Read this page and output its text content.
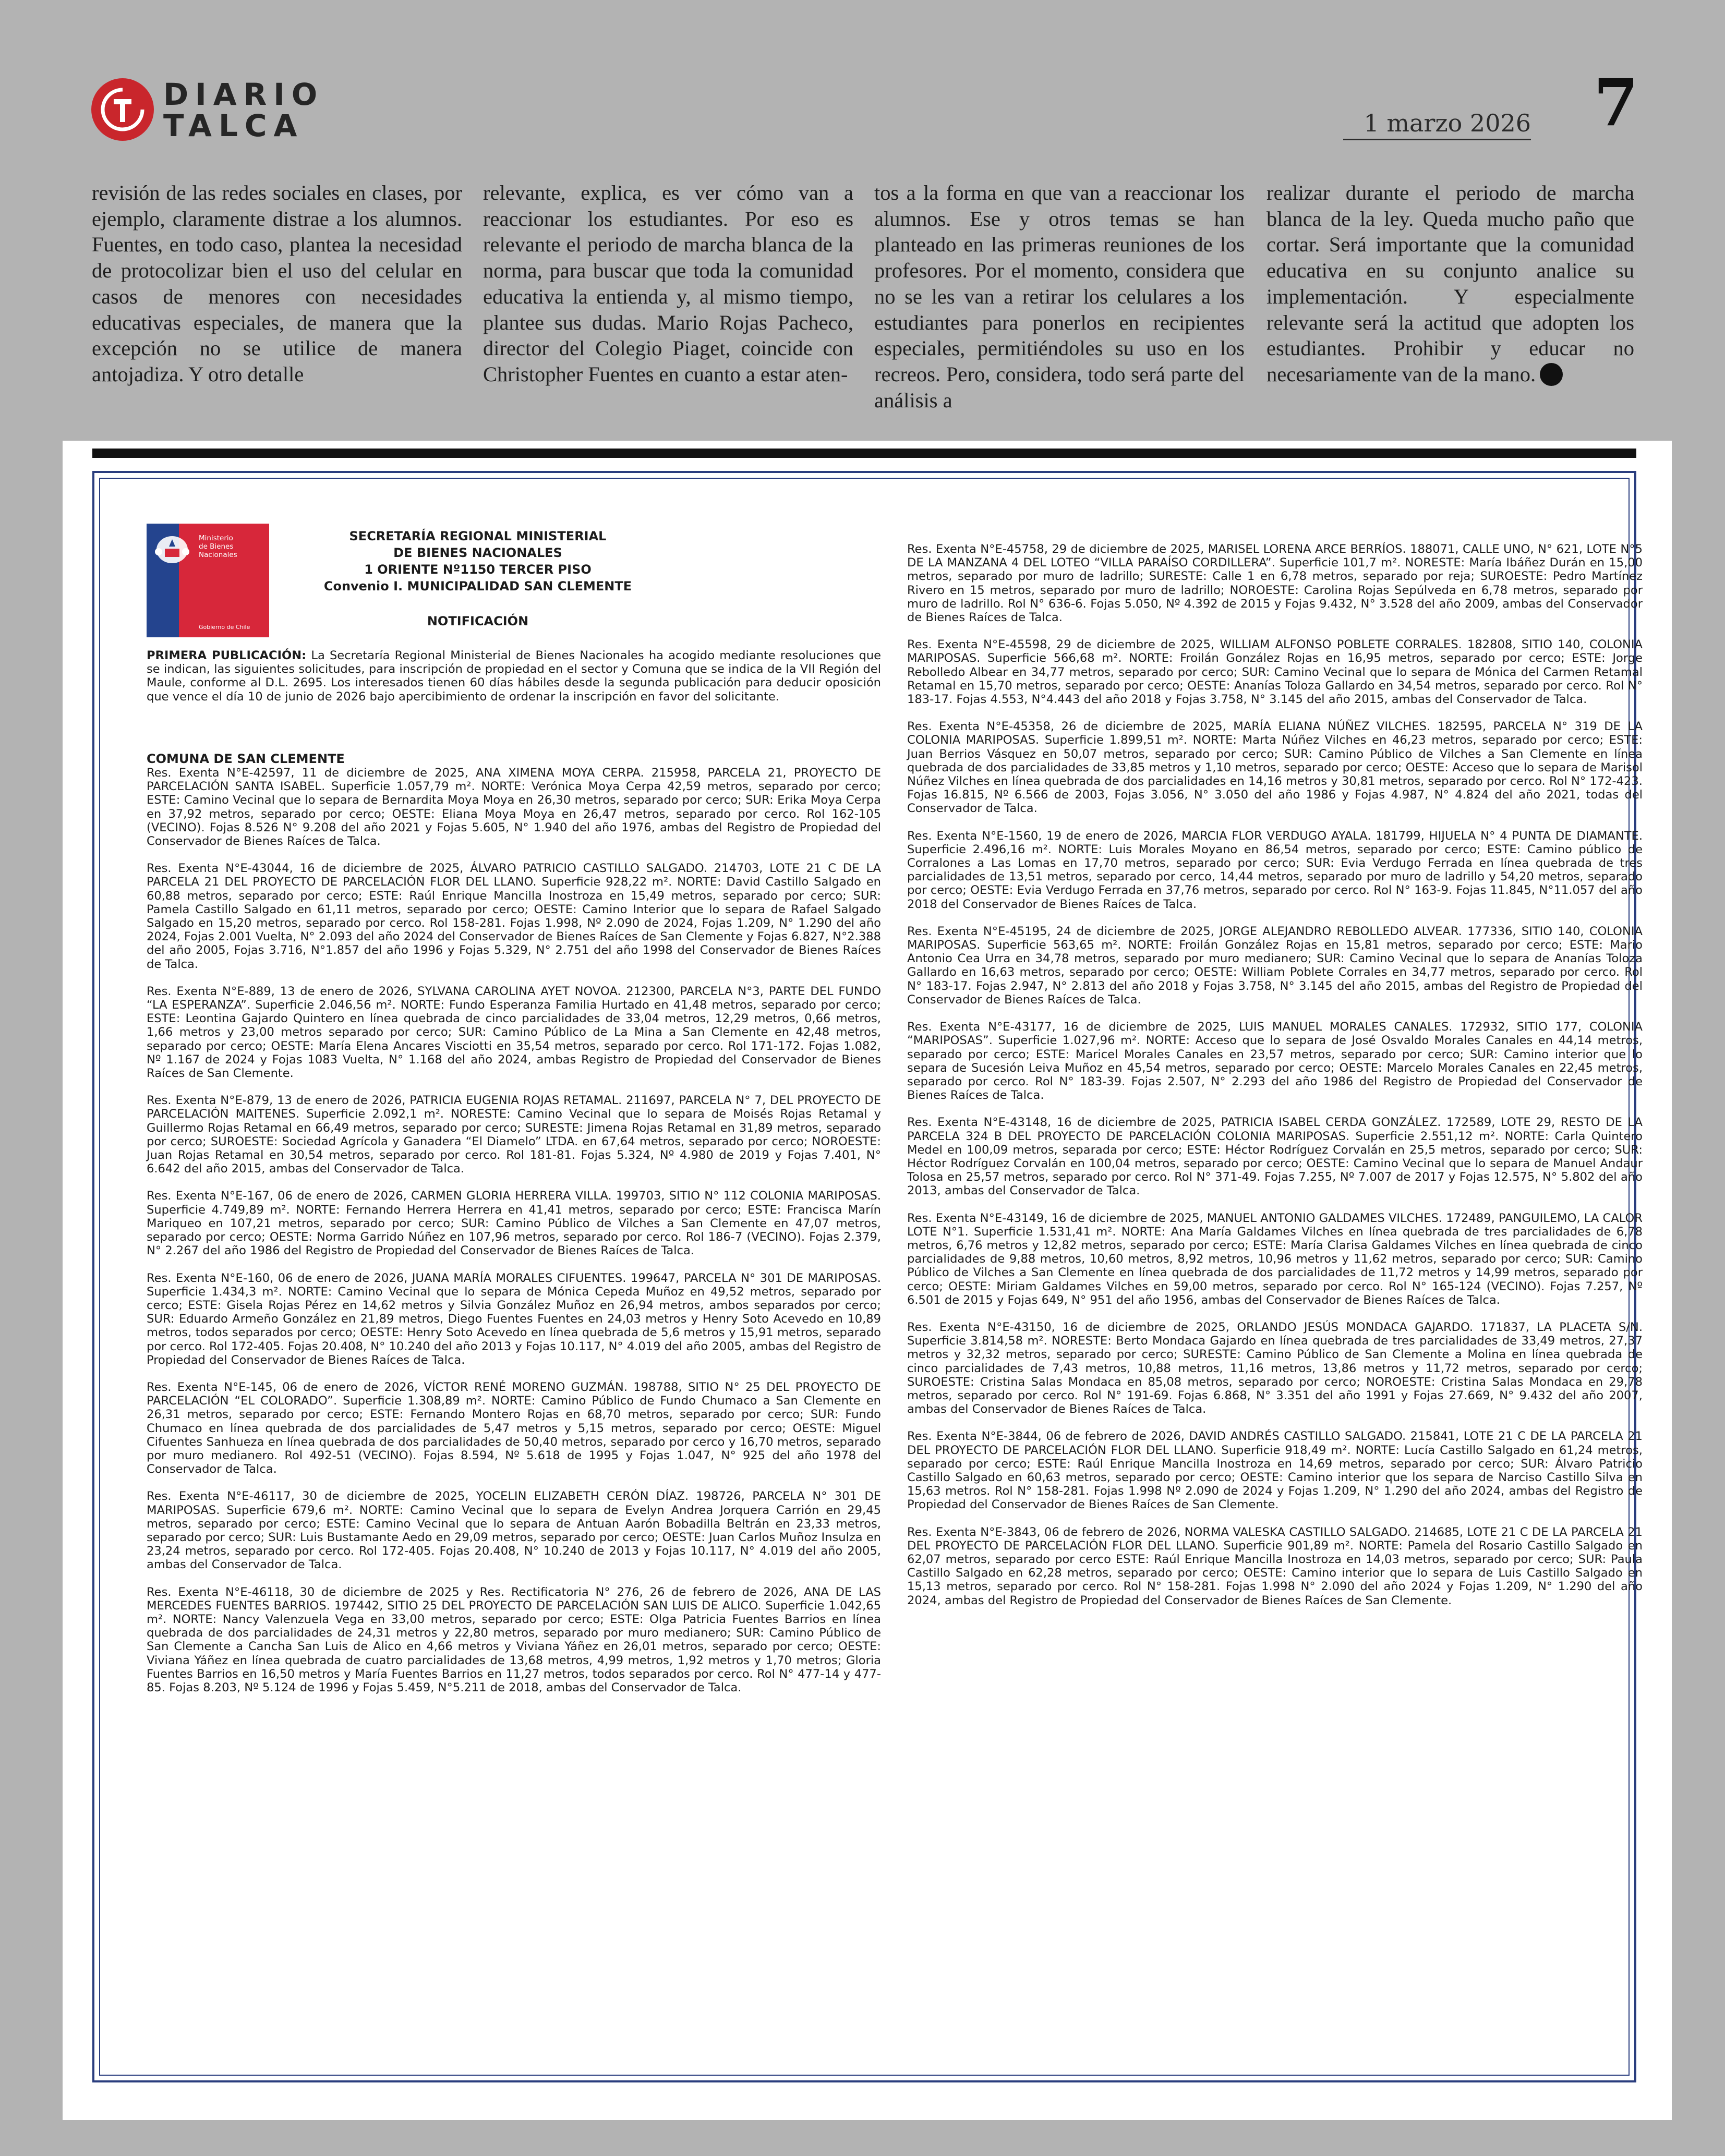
DIARIO
TALCA	1 marzo 2026 7

revisión de las redes sociales en clases, por ejemplo, claramente distrae a los alumnos. Fuentes, en todo caso, plantea la necesidad de protocolizar bien el uso del celular en casos de menores con necesidades educativas especiales, de manera que la excepción no se utilice de manera antojadiza. Y otro detalle

relevante, explica, es ver cómo van a reaccionar los estudiantes. Por eso es relevante el periodo de marcha blanca de la norma, para buscar que toda la comunidad educativa la entienda y, al mismo tiempo, plantee sus dudas. Mario Rojas Pacheco, director del Colegio Piaget, coincide con Christopher Fuentes en cuanto a estar aten-

tos a la forma en que van a reaccionar los alumnos. Ese y otros temas se han planteado en las primeras reuniones de los profesores. Por el momento, considera que no se les van a retirar los celulares a los estudiantes para ponerlos en recipientes especiales, permitiéndoles su uso en los recreos. Pero, considera, todo será parte del análisis a

realizar durante el periodo de marcha blanca de la ley. Queda mucho paño que cortar. Será importante que la comunidad educativa en su conjunto analice su implementación. Y especialmente relevante será la actitud que adopten los estudiantes. Prohibir y educar no necesariamente van de la mano.

Ministerio de Bienes Nacionales
Gobierno de Chile
SECRETARÍA REGIONAL MINISTERIAL
DE BIENES NACIONALES
1 ORIENTE Nº1150 TERCER PISO
Convenio I. MUNICIPALIDAD SAN CLEMENTE
NOTIFICACIÓN
PRIMERA PUBLICACIÓN: La Secretaría Regional Ministerial de Bienes Nacionales ha acogido mediante resoluciones que se indican, las siguientes solicitudes, para inscripción de propiedad en el sector y Comuna que se indica de la VII Región del Maule, conforme al D.L. 2695. Los interesados tienen 60 días hábiles desde la segunda publicación para deducir oposición que vence el día 10 de junio de 2026 bajo apercibimiento de ordenar la inscripción en favor del solicitante.
COMUNA DE SAN CLEMENTE

Res. Exenta N°E-42597, 11 de diciembre de 2025, ANA XIMENA MOYA CERPA. 215958, PARCELA 21, PROYECTO DE PARCELACIÓN SANTA ISABEL. Superficie 1.057,79 m². NORTE: Verónica Moya Cerpa 42,59 metros, separado por cerco; ESTE: Camino Vecinal que lo separa de Bernardita Moya Moya en 26,30 metros, separado por cerco; SUR: Erika Moya Cerpa en 37,92 metros, separado por cerco; OESTE: Eliana Moya Moya en 26,47 metros, separado por cerco. Rol 162-105 (VECINO). Fojas 8.526 N° 9.208 del año 2021 y Fojas 5.605, N° 1.940 del año 1976, ambas del Registro de Propiedad del Conservador de Bienes Raíces de Talca.

Res. Exenta N°E-43044, 16 de diciembre de 2025, ÁLVARO PATRICIO CASTILLO SALGADO. 214703, LOTE 21 C DE LA PARCELA 21 DEL PROYECTO DE PARCELACIÓN FLOR DEL LLANO. Superficie 928,22 m². NORTE: David Castillo Salgado en 60,88 metros, separado por cerco; ESTE: Raúl Enrique Mancilla Inostroza en 15,49 metros, separado por cerco; SUR: Pamela Castillo Salgado en 61,11 metros, separado por cerco; OESTE: Camino Interior que lo separa de Rafael Salgado Salgado en 15,20 metros, separado por cerco. Rol 158-281. Fojas 1.998, Nº 2.090 de 2024, Fojas 1.209, N° 1.290 del año 2024, Fojas 2.001 Vuelta, N° 2.093 del año 2024 del Conservador de Bienes Raíces de San Clemente y Fojas 6.827, N°2.388 del año 2005, Fojas 3.716, N°1.857 del año 1996 y Fojas 5.329, N° 2.751 del año 1998 del Conservador de Bienes Raíces de Talca.

Res. Exenta N°E-889, 13 de enero de 2026, SYLVANA CAROLINA AYET NOVOA. 212300, PARCELA N°3, PARTE DEL FUNDO “LA ESPERANZA”. Superficie 2.046,56 m². NORTE: Fundo Esperanza Familia Hurtado en 41,48 metros, separado por cerco; ESTE: Leontina Gajardo Quintero en línea quebrada de cinco parcialidades de 33,04 metros, 12,29 metros, 0,66 metros, 1,66 metros y 23,00 metros separado por cerco; SUR: Camino Público de La Mina a San Clemente en 42,48 metros, separado por cerco; OESTE: María Elena Ancares Visciotti en 35,54 metros, separado por cerco. Rol 171-172. Fojas 1.082, Nº 1.167 de 2024 y Fojas 1083 Vuelta, N° 1.168 del año 2024, ambas Registro de Propiedad del Conservador de Bienes Raíces de San Clemente.

Res. Exenta N°E-879, 13 de enero de 2026, PATRICIA EUGENIA ROJAS RETAMAL. 211697, PARCELA N° 7, DEL PROYECTO DE PARCELACIÓN MAITENES. Superficie 2.092,1 m². NORESTE: Camino Vecinal que lo separa de Moisés Rojas Retamal y Guillermo Rojas Retamal en 66,49 metros, separado por cerco; SURESTE: Jimena Rojas Retamal en 31,89 metros, separado por cerco; SUROESTE: Sociedad Agrícola y Ganadera “El Diamelo” LTDA. en 67,64 metros, separado por cerco; NOROESTE: Juan Rojas Retamal en 30,54 metros, separado por cerco. Rol 181-81. Fojas 5.324, Nº 4.980 de 2019 y Fojas 7.401, N° 6.642 del año 2015, ambas del Conservador de Talca.

Res. Exenta N°E-167, 06 de enero de 2026, CARMEN GLORIA HERRERA VILLA. 199703, SITIO N° 112 COLONIA MARIPOSAS. Superficie 4.749,89 m². NORTE: Fernando Herrera Herrera en 41,41 metros, separado por cerco; ESTE: Francisca Marín Mariqueo en 107,21 metros, separado por cerco; SUR: Camino Público de Vilches a San Clemente en 47,07 metros, separado por cerco; OESTE: Norma Garrido Núñez en 107,96 metros, separado por cerco. Rol 186-7 (VECINO). Fojas 2.379, N° 2.267 del año 1986 del Registro de Propiedad del Conservador de Bienes Raíces de Talca.

Res. Exenta N°E-160, 06 de enero de 2026, JUANA MARÍA MORALES CIFUENTES. 199647, PARCELA N° 301 DE MARIPOSAS. Superficie 1.434,3 m². NORTE: Camino Vecinal que lo separa de Mónica Cepeda Muñoz en 49,52 metros, separado por cerco; ESTE: Gisela Rojas Pérez en 14,62 metros y Silvia González Muñoz en 26,94 metros, ambos separados por cerco; SUR: Eduardo Armeño González en 21,89 metros, Diego Fuentes Fuentes en 24,03 metros y Henry Soto Acevedo en 10,89 metros, todos separados por cerco; OESTE: Henry Soto Acevedo en línea quebrada de 5,6 metros y 15,91 metros, separado por cerco. Rol 172-405. Fojas 20.408, N° 10.240 del año 2013 y Fojas 10.117, N° 4.019 del año 2005, ambas del Registro de Propiedad del Conservador de Bienes Raíces de Talca.

Res. Exenta N°E-145, 06 de enero de 2026, VÍCTOR RENÉ MORENO GUZMÁN. 198788, SITIO N° 25 DEL PROYECTO DE PARCELACIÓN “EL COLORADO”. Superficie 1.308,89 m². NORTE: Camino Público de Fundo Chumaco a San Clemente en 26,31 metros, separado por cerco; ESTE: Fernando Montero Rojas en 68,70 metros, separado por cerco; SUR: Fundo Chumaco en línea quebrada de dos parcialidades de 5,47 metros y 5,15 metros, separado por cerco; OESTE: Miguel Cifuentes Sanhueza en línea quebrada de dos parcialidades de 50,40 metros, separado por cerco y 16,70 metros, separado por muro medianero. Rol 492-51 (VECINO). Fojas 8.594, Nº 5.618 de 1995 y Fojas 1.047, N° 925 del año 1978 del Conservador de Talca.

Res. Exenta N°E-46117, 30 de diciembre de 2025, YOCELIN ELIZABETH CERÓN DÍAZ. 198726, PARCELA N° 301 DE MARIPOSAS. Superficie 679,6 m². NORTE: Camino Vecinal que lo separa de Evelyn Andrea Jorquera Carrión en 29,45 metros, separado por cerco; ESTE: Camino Vecinal que lo separa de Antuan Aarón Bobadilla Beltrán en 23,33 metros, separado por cerco; SUR: Luis Bustamante Aedo en 29,09 metros, separado por cerco; OESTE: Juan Carlos Muñoz Insulza en 23,24 metros, separado por cerco. Rol 172-405. Fojas 20.408, N° 10.240 de 2013 y Fojas 10.117, N° 4.019 del año 2005, ambas del Conservador de Talca.

Res. Exenta N°E-46118, 30 de diciembre de 2025 y Res. Rectificatoria N° 276, 26 de febrero de 2026, ANA DE LAS MERCEDES FUENTES BARRIOS. 197442, SITIO 25 DEL PROYECTO DE PARCELACIÓN SAN LUIS DE ALICO. Superficie 1.042,65 m². NORTE: Nancy Valenzuela Vega en 33,00 metros, separado por cerco; ESTE: Olga Patricia Fuentes Barrios en línea quebrada de dos parcialidades de 24,31 metros y 22,80 metros, separado por muro medianero; SUR: Camino Público de San Clemente a Cancha San Luis de Alico en 4,66 metros y Viviana Yáñez en 26,01 metros, separado por cerco; OESTE: Viviana Yáñez en línea quebrada de cuatro parcialidades de 13,68 metros, 4,99 metros, 1,92 metros y 1,70 metros; Gloria Fuentes Barrios en 16,50 metros y María Fuentes Barrios en 11,27 metros, todos separados por cerco. Rol N° 477-14 y 477-85. Fojas 8.203, Nº 5.124 de 1996 y Fojas 5.459, N°5.211 de 2018, ambas del Conservador de Talca.

Res. Exenta N°E-45758, 29 de diciembre de 2025, MARISEL LORENA ARCE BERRÍOS. 188071, CALLE UNO, N° 621, LOTE N°5 DE LA MANZANA 4 DEL LOTEO “VILLA PARAÍSO CORDILLERA”. Superficie 101,7 m². NORESTE: María Ibáñez Durán en 15,00 metros, separado por muro de ladrillo; SURESTE: Calle 1 en 6,78 metros, separado por reja; SUROESTE: Pedro Martínez Rivero en 15 metros, separado por muro de ladrillo; NOROESTE: Carolina Rojas Sepúlveda en 6,78 metros, separado por muro de ladrillo. Rol N° 636-6. Fojas 5.050, Nº 4.392 de 2015 y Fojas 9.432, N° 3.528 del año 2009, ambas del Conservador de Bienes Raíces de Talca.

Res. Exenta N°E-45598, 29 de diciembre de 2025, WILLIAM ALFONSO POBLETE CORRALES. 182808, SITIO 140, COLONIA MARIPOSAS. Superficie 566,68 m². NORTE: Froilán González Rojas en 16,95 metros, separado por cerco; ESTE: Jorge Rebolledo Albear en 34,77 metros, separado por cerco; SUR: Camino Vecinal que lo separa de Mónica del Carmen Retamal Retamal en 15,70 metros, separado por cerco; OESTE: Ananías Toloza Gallardo en 34,54 metros, separado por cerco. Rol N° 183-17. Fojas 4.553, N°4.443 del año 2018 y Fojas 3.758, N° 3.145 del año 2015, ambas del Conservador de Talca.

Res. Exenta N°E-45358, 26 de diciembre de 2025, MARÍA ELIANA NÚÑEZ VILCHES. 182595, PARCELA N° 319 DE LA COLONIA MARIPOSAS. Superficie 1.899,51 m². NORTE: Marta Núñez Vilches en 46,23 metros, separado por cerco; ESTE: Juan Berrios Vásquez en 50,07 metros, separado por cerco; SUR: Camino Público de Vilches a San Clemente en línea quebrada de dos parcialidades de 33,85 metros y 1,10 metros, separado por cerco; OESTE: Acceso que lo separa de Marisol Núñez Vilches en línea quebrada de dos parcialidades en 14,16 metros y 30,81 metros, separado por cerco. Rol N° 172-423. Fojas 16.815, Nº 6.566 de 2003, Fojas 3.056, N° 3.050 del año 1986 y Fojas 4.987, N° 4.824 del año 2021, todas del Conservador de Talca.

Res. Exenta N°E-1560, 19 de enero de 2026, MARCIA FLOR VERDUGO AYALA. 181799, HIJUELA N° 4 PUNTA DE DIAMANTE. Superficie 2.496,16 m². NORTE: Luis Morales Moyano en 86,54 metros, separado por cerco; ESTE: Camino público de Corralones a Las Lomas en 17,70 metros, separado por cerco; SUR: Evia Verdugo Ferrada en línea quebrada de tres parcialidades de 13,51 metros, separado por cerco, 14,44 metros, separado por muro de ladrillo y 54,20 metros, separado por cerco; OESTE: Evia Verdugo Ferrada en 37,76 metros, separado por cerco. Rol N° 163-9. Fojas 11.845, N°11.057 del año 2018 del Conservador de Bienes Raíces de Talca.

Res. Exenta N°E-45195, 24 de diciembre de 2025, JORGE ALEJANDRO REBOLLEDO ALVEAR. 177336, SITIO 140, COLONIA MARIPOSAS. Superficie 563,65 m². NORTE: Froilán González Rojas en 15,81 metros, separado por cerco; ESTE: Mario Antonio Cea Urra en 34,78 metros, separado por muro medianero; SUR: Camino Vecinal que lo separa de Ananías Toloza Gallardo en 16,63 metros, separado por cerco; OESTE: William Poblete Corrales en 34,77 metros, separado por cerco. Rol N° 183-17. Fojas 2.947, N° 2.813 del año 2018 y Fojas 3.758, N° 3.145 del año 2015, ambas del Registro de Propiedad del Conservador de Bienes Raíces de Talca.

Res. Exenta N°E-43177, 16 de diciembre de 2025, LUIS MANUEL MORALES CANALES. 172932, SITIO 177, COLONIA “MARIPOSAS”. Superficie 1.027,96 m². NORTE: Acceso que lo separa de José Osvaldo Morales Canales en 44,14 metros, separado por cerco; ESTE: Maricel Morales Canales en 23,57 metros, separado por cerco; SUR: Camino interior que lo separa de Sucesión Leiva Muñoz en 45,54 metros, separado por cerco; OESTE: Marcelo Morales Canales en 22,45 metros, separado por cerco. Rol N° 183-39. Fojas 2.507, N° 2.293 del año 1986 del Registro de Propiedad del Conservador de Bienes Raíces de Talca.

Res. Exenta N°E-43148, 16 de diciembre de 2025, PATRICIA ISABEL CERDA GONZÁLEZ. 172589, LOTE 29, RESTO DE LA PARCELA 324 B DEL PROYECTO DE PARCELACIÓN COLONIA MARIPOSAS. Superficie 2.551,12 m². NORTE: Carla Quintero Medel en 100,09 metros, separada por cerco; ESTE: Héctor Rodríguez Corvalán en 25,5 metros, separado por cerco; SUR: Héctor Rodríguez Corvalán en 100,04 metros, separado por cerco; OESTE: Camino Vecinal que lo separa de Manuel Andaur Tolosa en 25,57 metros, separado por cerco. Rol N° 371-49. Fojas 7.255, Nº 7.007 de 2017 y Fojas 12.575, N° 5.802 del año 2013, ambas del Conservador de Talca.

Res. Exenta N°E-43149, 16 de diciembre de 2025, MANUEL ANTONIO GALDAMES VILCHES. 172489, PANGUILEMO, LA CALOR LOTE N°1. Superficie 1.531,41 m². NORTE: Ana María Galdames Vilches en línea quebrada de tres parcialidades de 6,78 metros, 6,76 metros y 12,82 metros, separado por cerco; ESTE: María Clarisa Galdames Vilches en línea quebrada de cinco parcialidades de 9,88 metros, 10,60 metros, 8,92 metros, 10,96 metros y 11,62 metros, separado por cerco; SUR: Camino Público de Vilches a San Clemente en línea quebrada de dos parcialidades de 11,72 metros y 14,99 metros, separado por cerco; OESTE: Miriam Galdames Vilches en 59,00 metros, separado por cerco. Rol N° 165-124 (VECINO). Fojas 7.257, Nº 6.501 de 2015 y Fojas 649, N° 951 del año 1956, ambas del Conservador de Bienes Raíces de Talca.

Res. Exenta N°E-43150, 16 de diciembre de 2025, ORLANDO JESÚS MONDACA GAJARDO. 171837, LA PLACETA S/N. Superficie 3.814,58 m². NORESTE: Berto Mondaca Gajardo en línea quebrada de tres parcialidades de 33,49 metros, 27,37 metros y 32,32 metros, separado por cerco; SURESTE: Camino Público de San Clemente a Molina en línea quebrada de cinco parcialidades de 7,43 metros, 10,88 metros, 11,16 metros, 13,86 metros y 11,72 metros, separado por cerco; SUROESTE: Cristina Salas Mondaca en 85,08 metros, separado por cerco; NOROESTE: Cristina Salas Mondaca en 29,78 metros, separado por cerco. Rol N° 191-69. Fojas 6.868, N° 3.351 del año 1991 y Fojas 27.669, N° 9.432 del año 2007, ambas del Conservador de Bienes Raíces de Talca.

Res. Exenta N°E-3844, 06 de febrero de 2026, DAVID ANDRÉS CASTILLO SALGADO. 215841, LOTE 21 C DE LA PARCELA 21 DEL PROYECTO DE PARCELACIÓN FLOR DEL LLANO. Superficie 918,49 m². NORTE: Lucía Castillo Salgado en 61,24 metros, separado por cerco; ESTE: Raúl Enrique Mancilla Inostroza en 14,69 metros, separado por cerco; SUR: Álvaro Patricio Castillo Salgado en 60,63 metros, separado por cerco; OESTE: Camino interior que los separa de Narciso Castillo Silva en 15,63 metros. Rol N° 158-281. Fojas 1.998 Nº 2.090 de 2024 y Fojas 1.209, N° 1.290 del año 2024, ambas del Registro de Propiedad del Conservador de Bienes Raíces de San Clemente.

Res. Exenta N°E-3843, 06 de febrero de 2026, NORMA VALESKA CASTILLO SALGADO. 214685, LOTE 21 C DE LA PARCELA 21 DEL PROYECTO DE PARCELACIÓN FLOR DEL LLANO. Superficie 901,89 m². NORTE: Pamela del Rosario Castillo Salgado en 62,07 metros, separado por cerco ESTE: Raúl Enrique Mancilla Inostroza en 14,03 metros, separado por cerco; SUR: Paula Castillo Salgado en 62,28 metros, separado por cerco; OESTE: Camino interior que lo separa de Luis Castillo Salgado en 15,13 metros, separado por cerco. Rol N° 158-281. Fojas 1.998 N° 2.090 del año 2024 y Fojas 1.209, N° 1.290 del año 2024, ambas del Registro de Propiedad del Conservador de Bienes Raíces de San Clemente.
